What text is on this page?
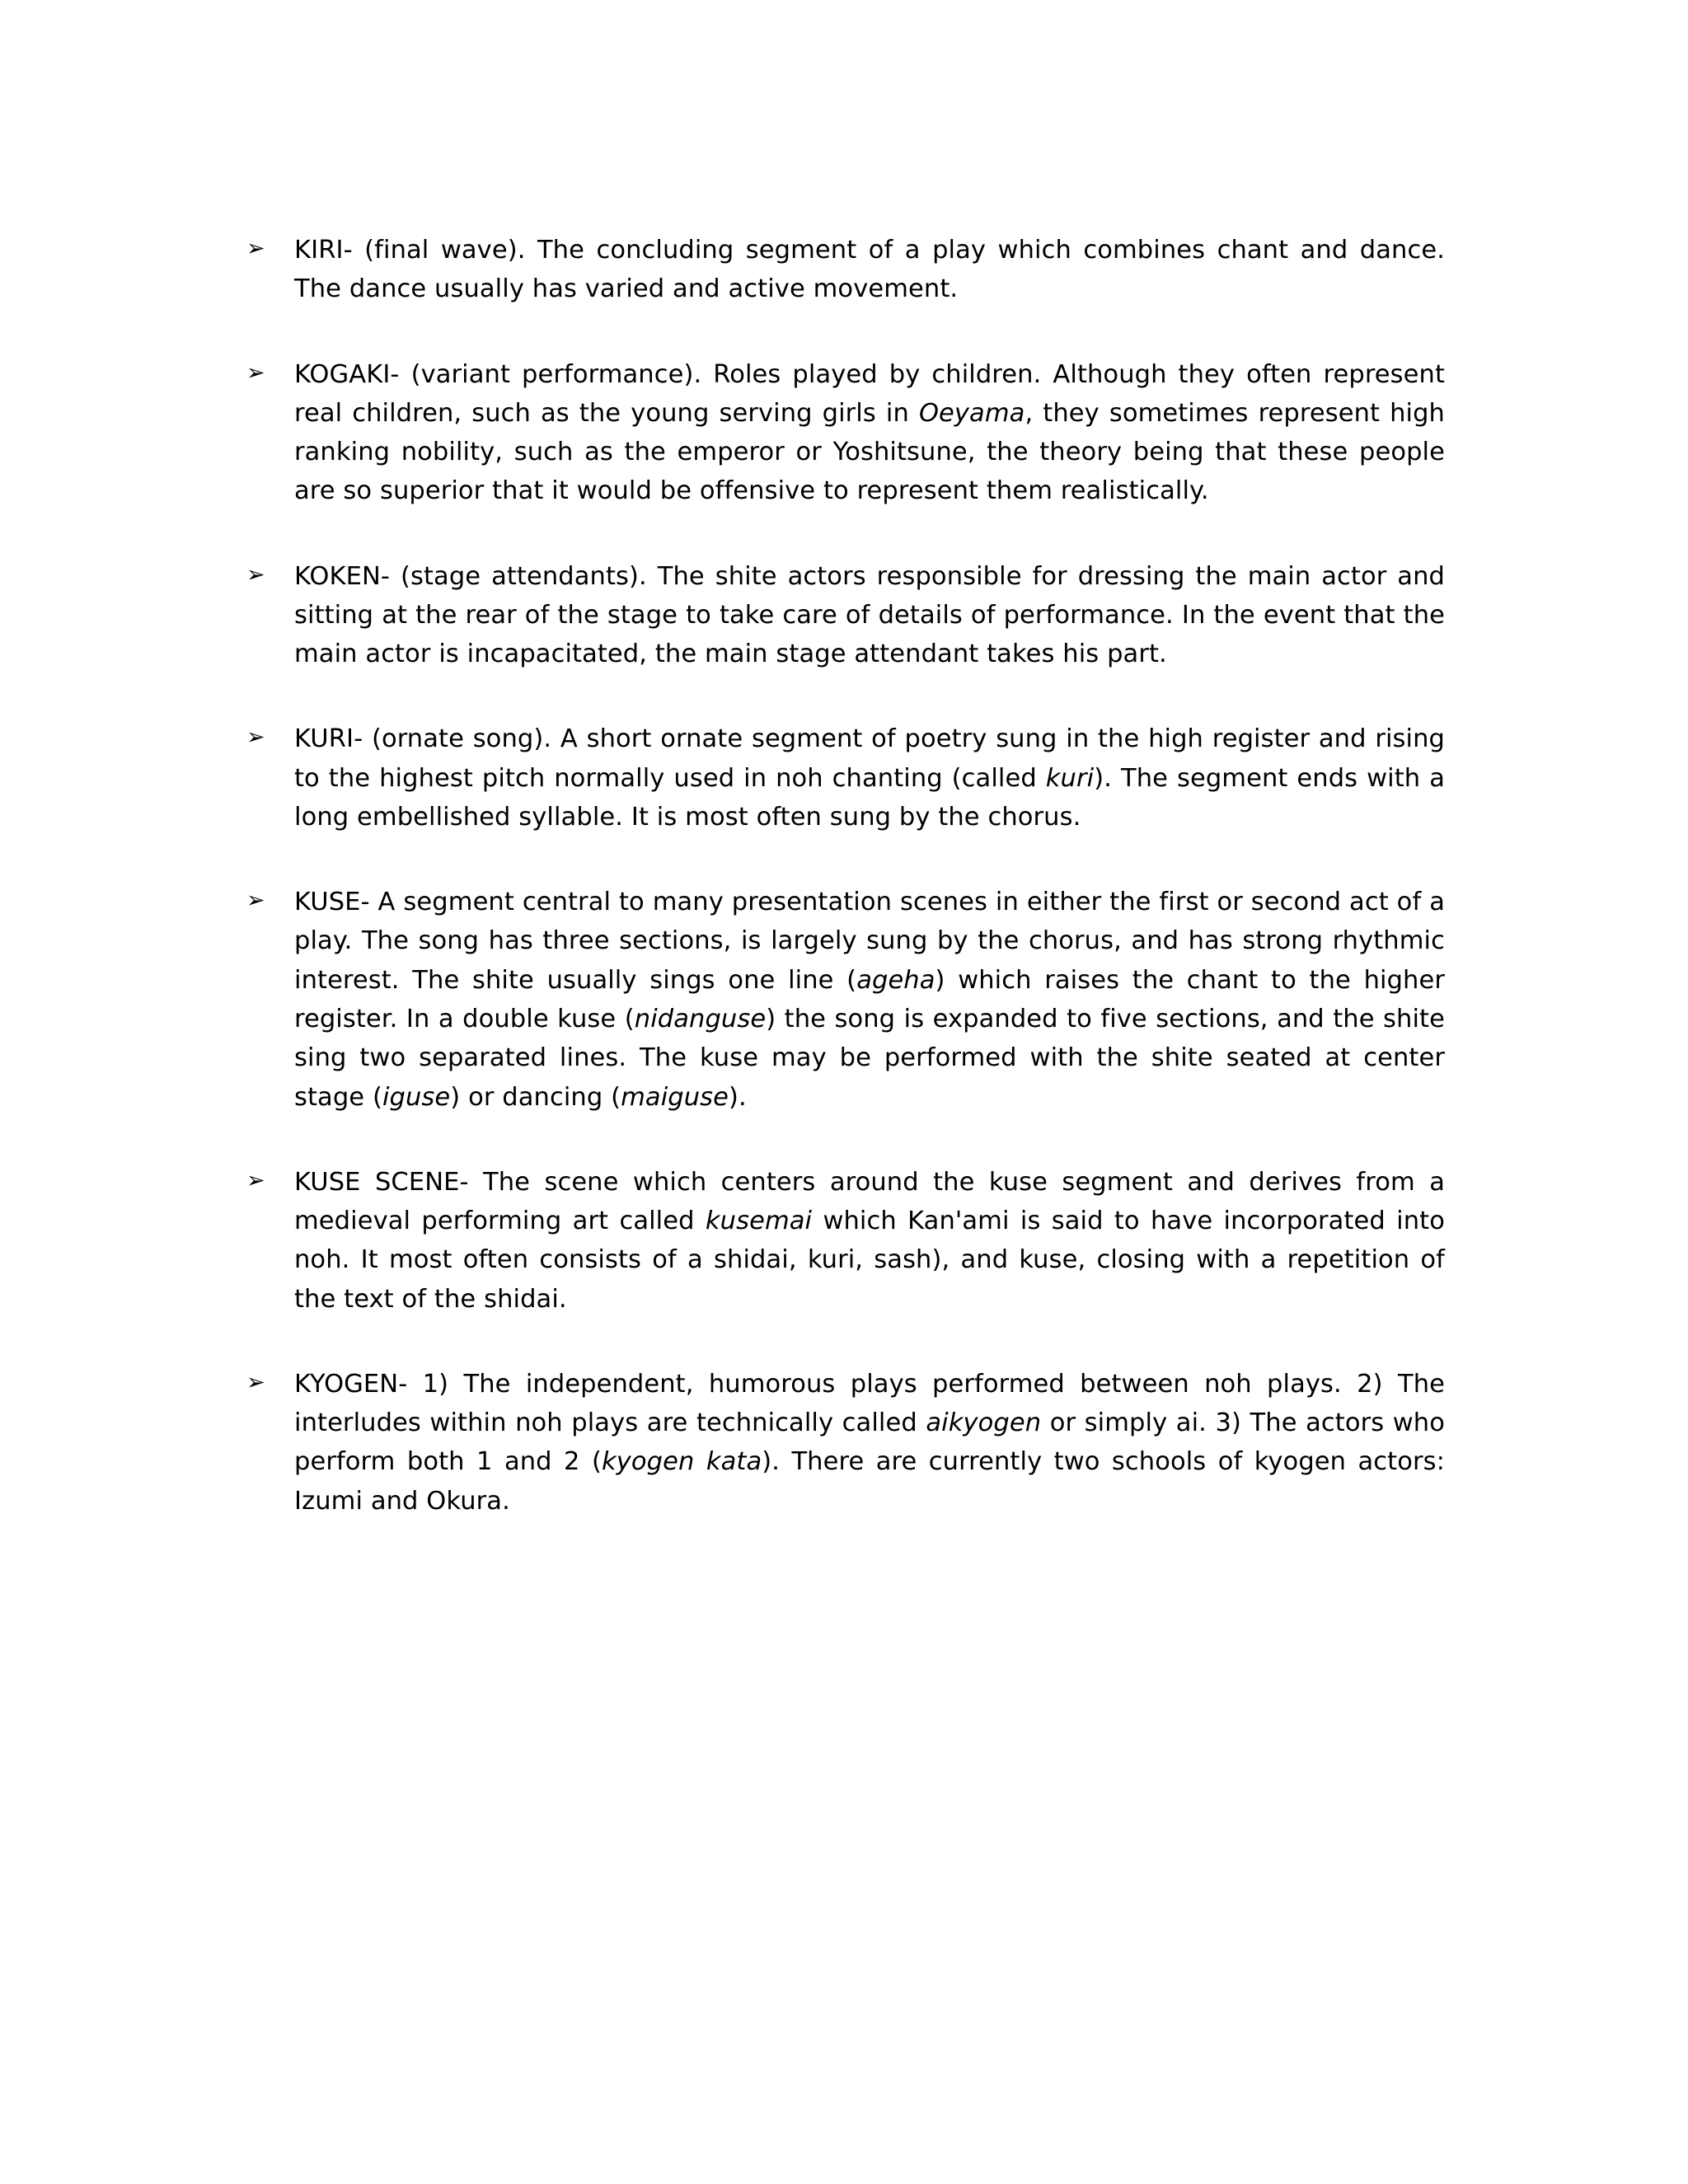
➢ KIRI- (final wave). The concluding segment of a play which combines chant and dance. The dance usually has varied and active movement.
➢ KOGAKI- (variant performance). Roles played by children. Although they often represent real children, such as the young serving girls in Oeyama, they sometimes represent high ranking nobility, such as the emperor or Yoshitsune, the theory being that these people are so superior that it would be offensive to represent them realistically.
➢ KOKEN- (stage attendants). The shite actors responsible for dressing the main actor and sitting at the rear of the stage to take care of details of performance. In the event that the main actor is incapacitated, the main stage attendant takes his part.
➢ KURI- (ornate song). A short ornate segment of poetry sung in the high register and rising to the highest pitch normally used in noh chanting (called kuri). The segment ends with a long embellished syllable. It is most often sung by the chorus.
➢ KUSE- A segment central to many presentation scenes in either the first or second act of a play. The song has three sections, is largely sung by the chorus, and has strong rhythmic interest. The shite usually sings one line (ageha) which raises the chant to the higher register. In a double kuse (nidanguse) the song is expanded to five sections, and the shite sing two separated lines. The kuse may be performed with the shite seated at center stage (iguse) or dancing (maiguse).
➢ KUSE SCENE- The scene which centers around the kuse segment and derives from a medieval performing art called kusemai which Kan'ami is said to have incorporated into noh. It most often consists of a shidai, kuri, sash), and kuse, closing with a repetition of the text of the shidai.
➢ KYOGEN- 1) The independent, humorous plays performed between noh plays. 2) The interludes within noh plays are technically called aikyogen or simply ai. 3) The actors who perform both 1 and 2 (kyogen kata). There are currently two schools of kyogen actors: Izumi and Okura.
